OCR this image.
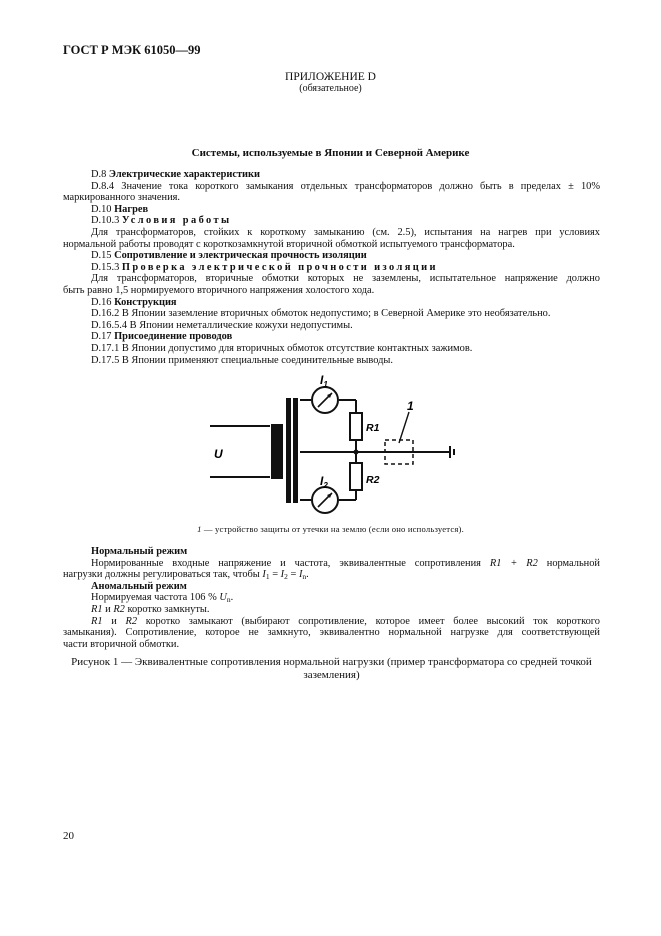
ГОСТ Р МЭК 61050—99
ПРИЛОЖЕНИЕ D
(обязательное)
Системы, используемые в Японии и Северной Америке
D.8 Электрические характеристики
D.8.4 Значение тока короткого замыкания отдельных трансформаторов должно быть в пределах ± 10%
маркированного значения.
D.10 Нагрев
D.10.3 Условия работы
Для трансформаторов, стойких к короткому замыканию (см. 2.5), испытания на нагрев при условиях
нормальной работы проводят с короткозамкнутой вторичной обмоткой испытуемого трансформатора.
D.15 Сопротивление и электрическая прочность изоляции
D.15.3 Проверка электрической прочности изоляции
Для трансформаторов, вторичные обмотки которых не заземлены, испытательное напряжение должно
быть равно 1,5 нормируемого вторичного напряжения холостого хода.
D.16 Конструкция
D.16.2 В Японии заземление вторичных обмоток недопустимо; в Северной Америке это необязательно.
D.16.5.4 В Японии неметаллические кожухи недопустимы.
D.17 Присоединение проводов
D.17.1 В Японии допустимо для вторичных обмоток отсутствие контактных зажимов.
D.17.5 В Японии применяют специальные соединительные выводы.
U
$I_1$
$I_2$
R1
R2
1
1 — устройство защиты от утечки на землю (если оно используется).
Нормальный режим
Нормированные входные напряжение и частота, эквивалентные сопротивления R1 + R2 нормальной
нагрузки должны регулироваться так, чтобы $I_1 = I_2 = I_n$.
Аномальный режим
Нормируемая частота 106 % $U_n$.
R1 и R2 коротко замкнуты.
R1 и R2 коротко замыкают (выбирают сопротивление, которое имеет более высокий ток короткого
замыкания). Сопротивление, которое не замкнуто, эквивалентно нормальной нагрузке для соответствующей
части вторичной обмотки.
Рисунок 1 — Эквивалентные сопротивления нормальной нагрузки (пример трансформатора со средней точкой заземления)
20
